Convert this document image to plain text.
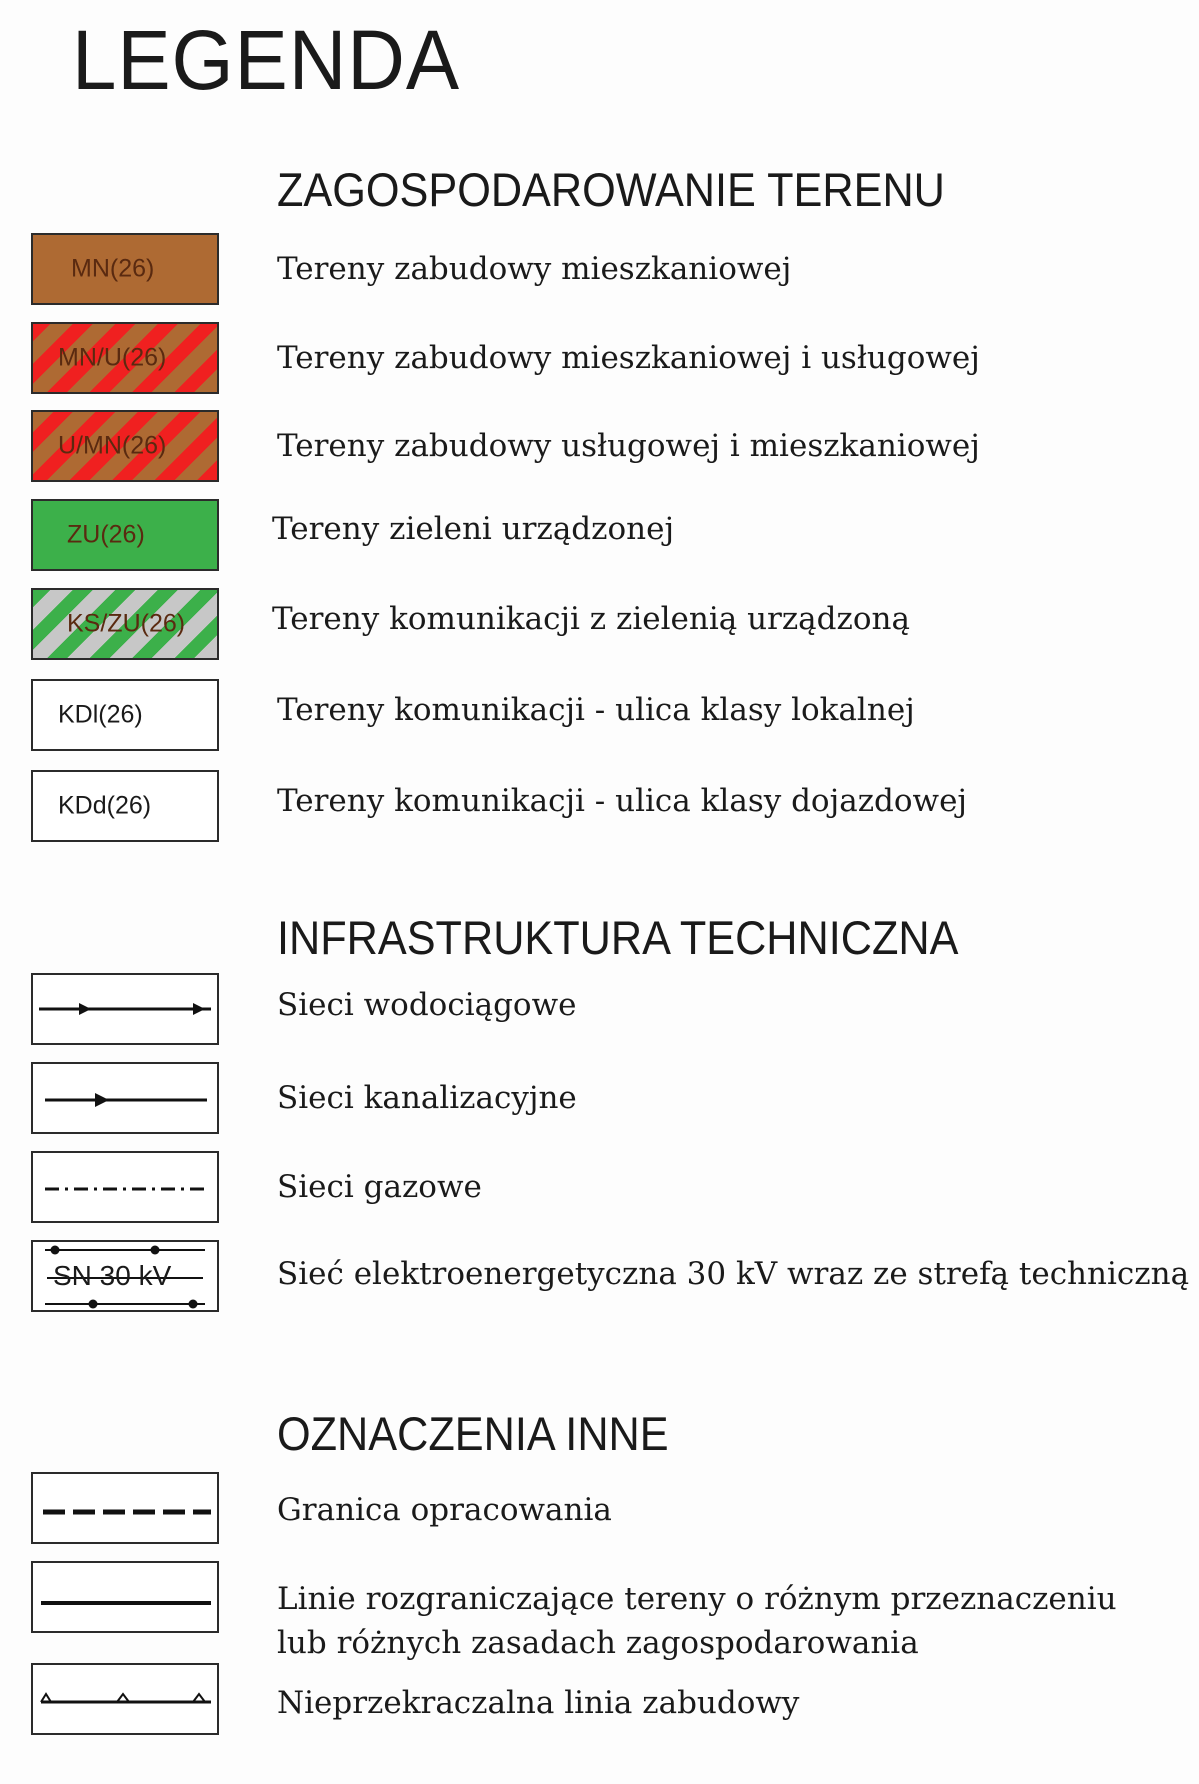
LEGENDA
ZAGOSPODAROWANIE TERENU
MN(26)	Tereny zabudowy mieszkaniowej
MN/U(26)	Tereny zabudowy mieszkaniowej i usługowej
U/MN(26)	Tereny zabudowy usługowej i mieszkaniowej
ZU(26)	Tereny zieleni urządzonej
KS/ZU(26)	Tereny komunikacji z zielenią urządzoną
KDl(26)	Tereny komunikacji - ulica klasy lokalnej
KDd(26)	Tereny komunikacji - ulica klasy dojazdowej
INFRASTRUKTURA TECHNICZNA
Sieci wodociągowe
Sieci kanalizacyjne
Sieci gazowe
SN 30 kV	Sieć elektroenergetyczna 30 kV wraz ze strefą techniczną
OZNACZENIA INNE
Granica opracowania
Linie rozgraniczające tereny o różnym przeznaczeniu
lub różnych zasadach zagospodarowania
Nieprzekraczalna linia zabudowy
